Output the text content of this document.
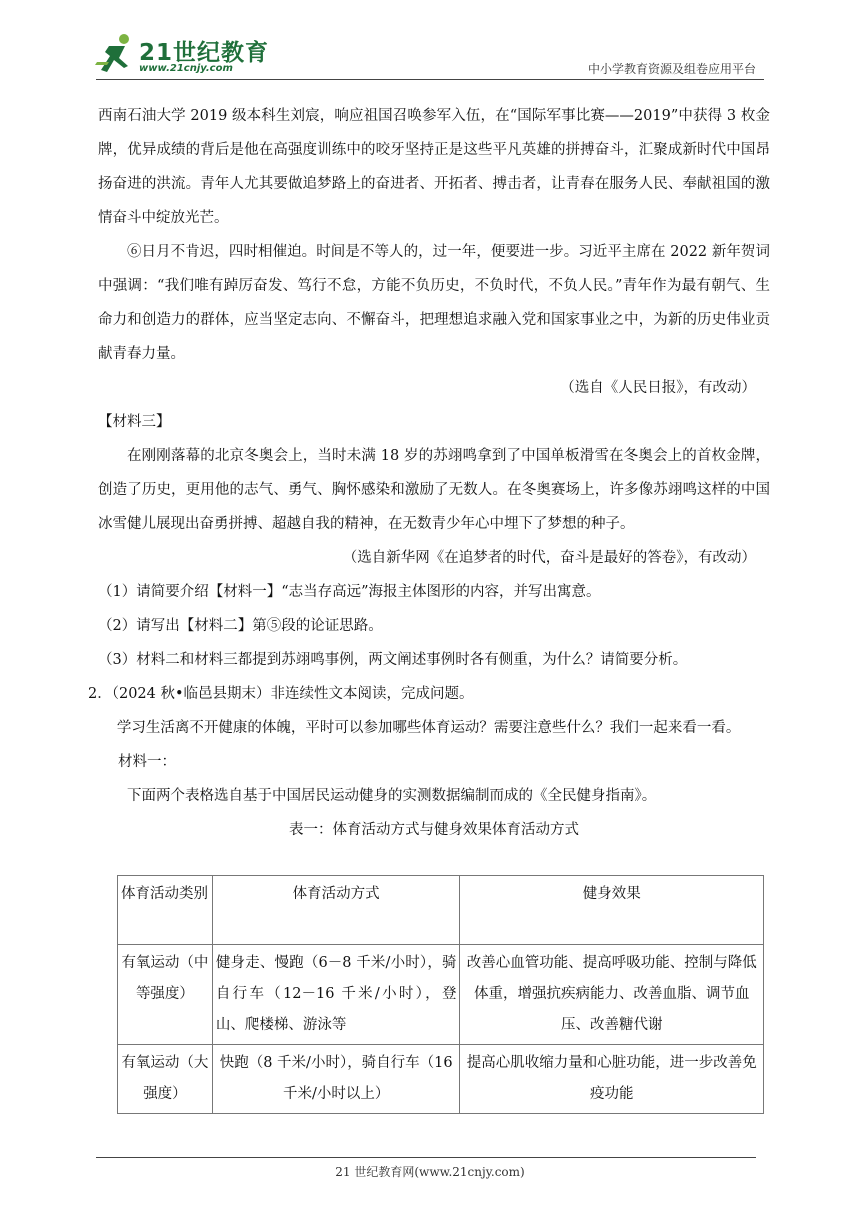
21世纪教育
www.21cnjy.com	中小学教育资源及组卷应用平台

西南石油大学 2019 级本科生刘宸，响应祖国召唤参军入伍，在“国际军事比赛——2019”中获得 3 枚金牌，优异成绩的背后是他在高强度训练中的咬牙坚持正是这些平凡英雄的拼搏奋斗，汇聚成新时代中国昂扬奋进的洪流。青年人尤其要做追梦路上的奋进者、开拓者、搏击者，让青春在服务人民、奉献祖国的激情奋斗中绽放光芒。

⑥日月不肯迟，四时相催迫。时间是不等人的，过一年，便要进一步。习近平主席在 2022 新年贺词中强调：“我们唯有踔厉奋发、笃行不怠，方能不负历史，不负时代，不负人民。”青年作为最有朝气、生命力和创造力的群体，应当坚定志向、不懈奋斗，把理想追求融入党和国家事业之中，为新的历史伟业贡献青春力量。

（选自《人民日报》，有改动）

【材料三】

在刚刚落幕的北京冬奥会上，当时未满 18 岁的苏翊鸣拿到了中国单板滑雪在冬奥会上的首枚金牌，创造了历史，更用他的志气、勇气、胸怀感染和激励了无数人。在冬奥赛场上，许多像苏翊鸣这样的中国冰雪健儿展现出奋勇拼搏、超越自我的精神，在无数青少年心中埋下了梦想的种子。

（选自新华网《在追梦者的时代，奋斗是最好的答卷》，有改动）

（1）请简要介绍【材料一】“志当存高远”海报主体图形的内容，并写出寓意。

（2）请写出【材料二】第⑤段的论证思路。

（3）材料二和材料三都提到苏翊鸣事例，两文阐述事例时各有侧重，为什么？请简要分析。

2．（2024 秋•临邑县期末）非连续性文本阅读，完成问题。

学习生活离不开健康的体魄，平时可以参加哪些体育运动？需要注意些什么？我们一起来看一看。

材料一：

下面两个表格选自基于中国居民运动健身的实测数据编制而成的《全民健身指南》。

表一：体育活动方式与健身效果体育活动方式

体育活动类别	体育活动方式	健身效果
有氧运动（中等强度）	健身走、慢跑（6－8 千米/小时），骑自行车（12－16 千米/小时），登山、爬楼梯、游泳等	改善心血管功能、提高呼吸功能、控制与降低体重，增强抗疾病能力、改善血脂、调节血压、改善糖代谢
有氧运动（大强度）	快跑（8 千米/小时），骑自行车（16 千米/小时以上）	提高心肌收缩力量和心脏功能，进一步改善免疫功能
21 世纪教育网(www.21cnjy.com)
